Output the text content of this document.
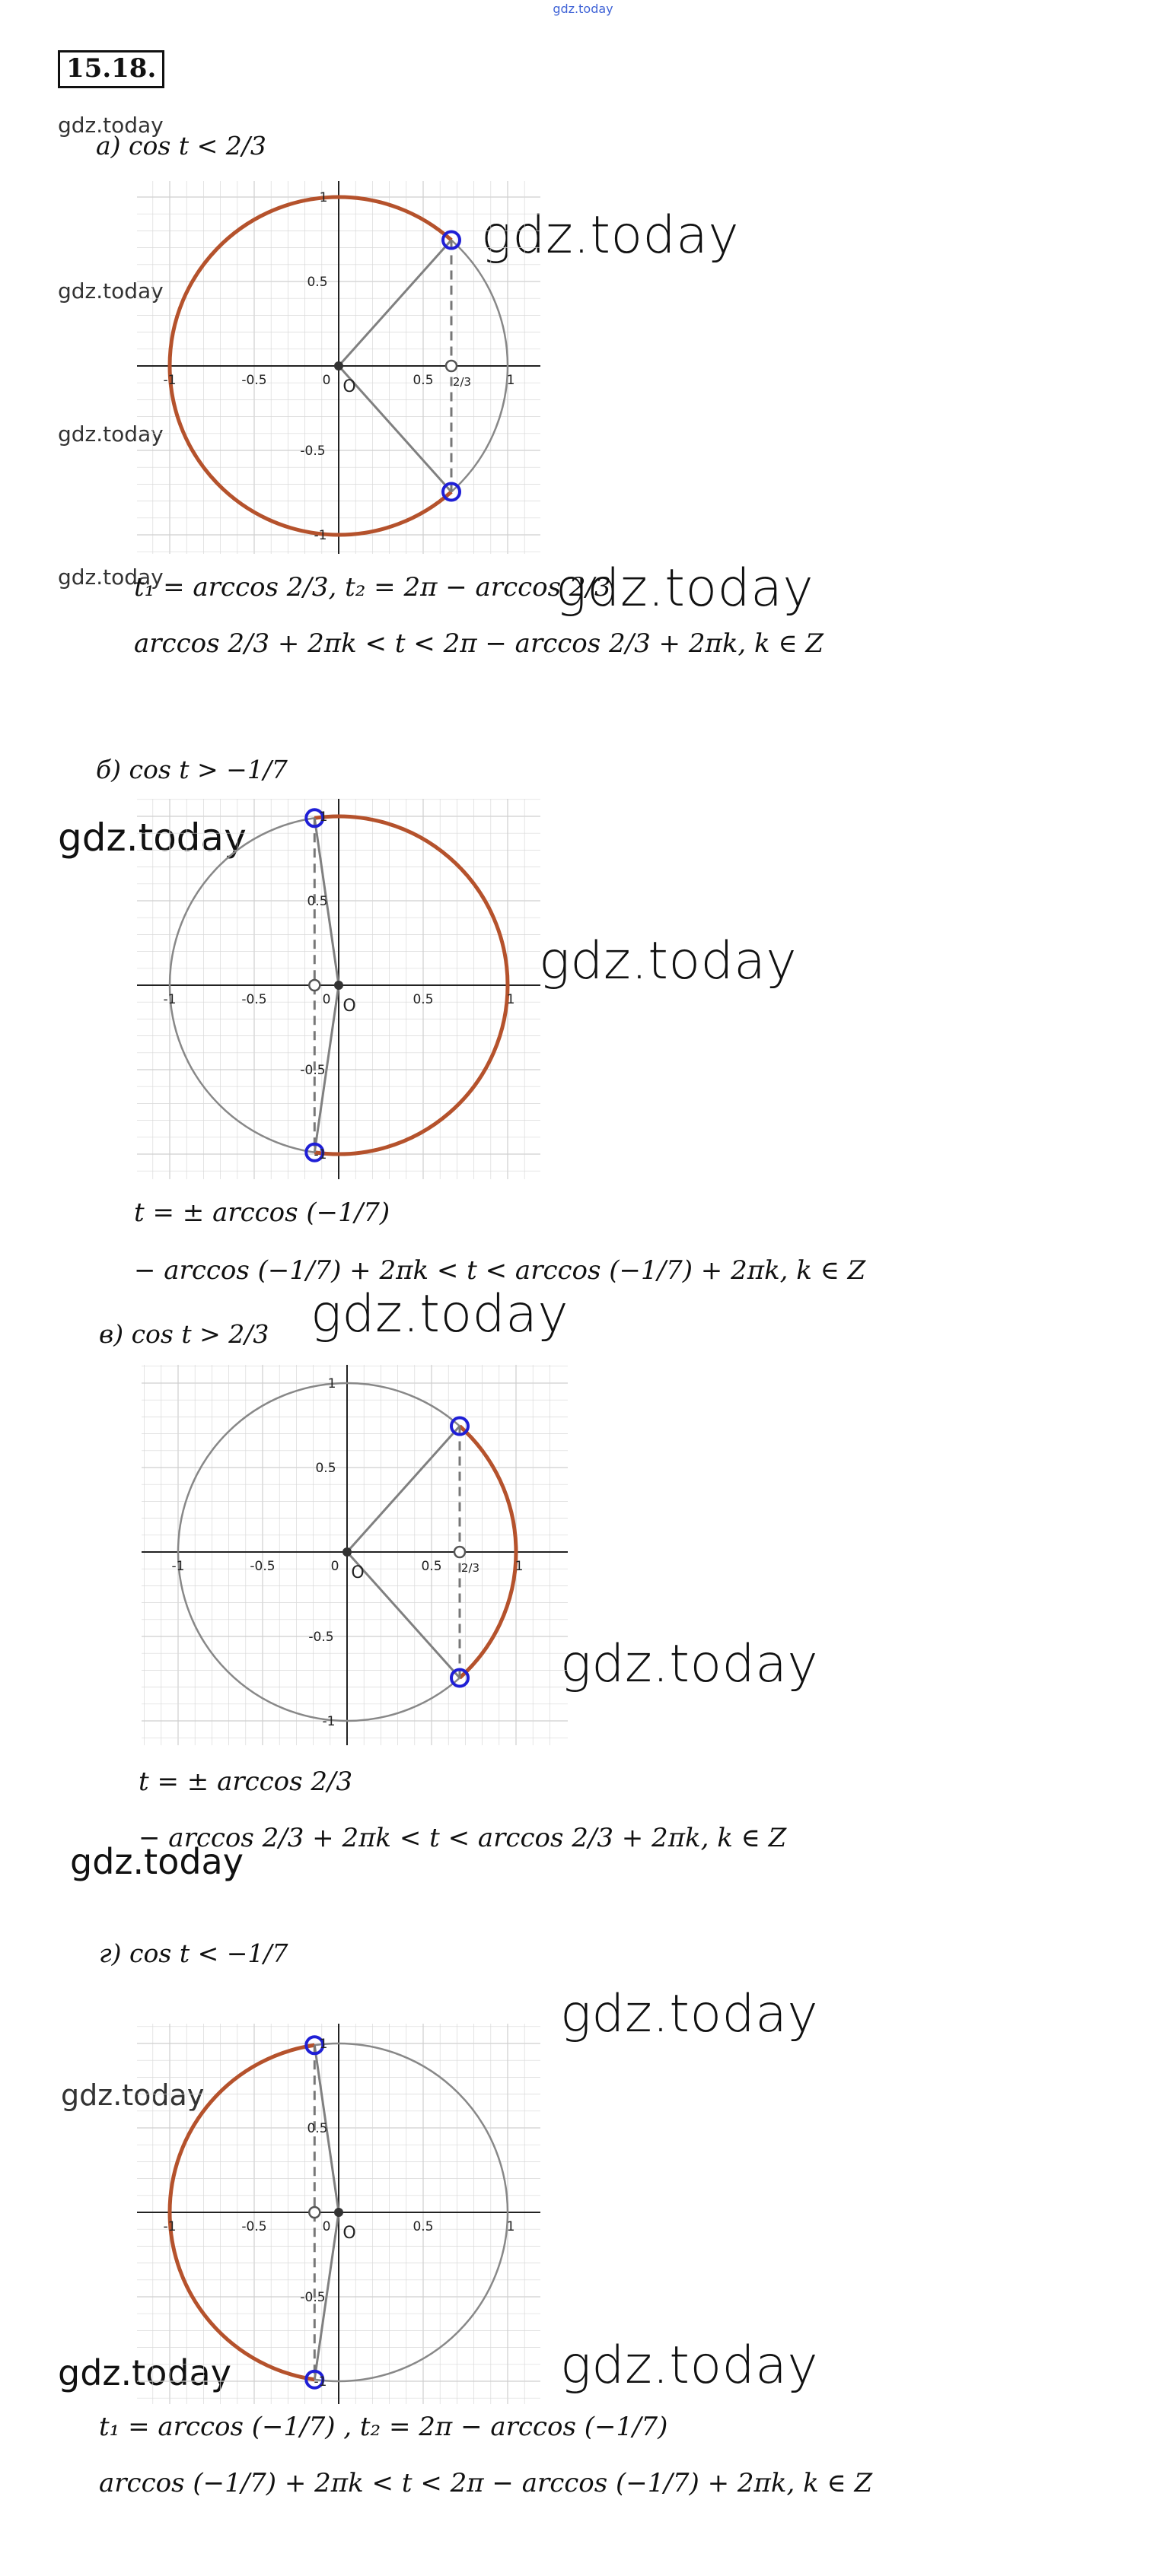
gdz.today
15.18.
gdz.today
а) cos t < 2/3
gdz.today
gdz.today
gdz.today
gdz.today
gdz.today
t₁ = arccos 2/3, t₂ = 2π − arccos 2/3
arccos 2/3 + 2πk < t < 2π − arccos 2/3 + 2πk, k ∈ Z
б) cos t > −1/7
gdz.today
gdz.today
t = ± arccos (−1/7)
− arccos (−1/7) + 2πk < t < arccos (−1/7) + 2πk, k ∈ Z
gdz.today
в) cos t > 2/3
gdz.today
t = ± arccos 2/3
− arccos 2/3 + 2πk < t < arccos 2/3 + 2πk, k ∈ Z
gdz.today
г) cos t < −1/7
gdz.today
gdz.today
gdz.today	gdz.today
t₁ = arccos (−1/7) , t₂ = 2π − arccos (−1/7)
arccos (−1/7) + 2πk < t < 2π − arccos (−1/7) + 2πk, k ∈ Z
-1	-0.5	0	0.5	1
1
0.5
-0.5
-1
O	2/3
-1	-0.5	0	0.5	1
1
0.5
-0.5
-1
O
-1	-0.5	0	0.5	1
1
0.5
-0.5
-1
O	2/3
-1	-0.5	0	0.5	1
1
0.5
-0.5
-1
O
